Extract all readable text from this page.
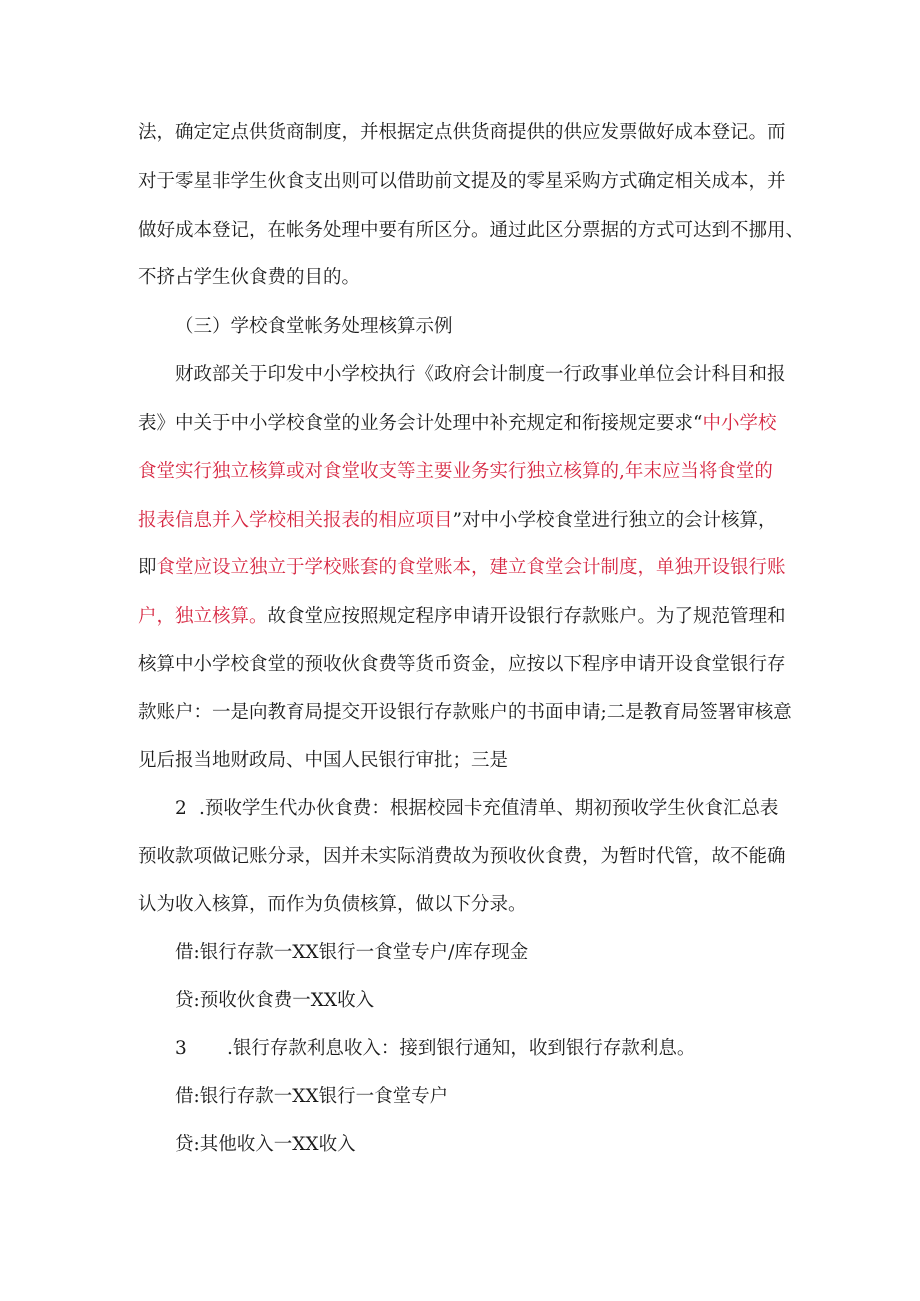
法，确定定点供货商制度，并根据定点供货商提供的供应发票做好成本登记。而
对于零星非学生伙食支出则可以借助前文提及的零星采购方式确定相关成本，并
做好成本登记，在帐务处理中要有所区分。通过此区分票据的方式可达到不挪用、
不挤占学生伙食费的目的。
（三）学校食堂帐务处理核算示例
财政部关于印发中小学校执行《政府会计制度一行政事业单位会计科目和报
表》中关于中小学校食堂的业务会计处理中补充规定和衔接规定要求“中小学校
食堂实行独立核算或对食堂收支等主要业务实行独立核算的,年末应当将食堂的
报表信息并入学校相关报表的相应项目”对中小学校食堂进行独立的会计核算，
即食堂应设立独立于学校账套的食堂账本，建立食堂会计制度，单独开设银行账
户，独立核算。故食堂应按照规定程序申请开设银行存款账户。为了规范管理和
核算中小学校食堂的预收伙食费等货币资金，应按以下程序申请开设食堂银行存
款账户：一是向教育局提交开设银行存款账户的书面申请;二是教育局签署审核意
见后报当地财政局、中国人民银行审批；三是
2 .预收学生代办伙食费：根据校园卡充值清单、期初预收学生伙食汇总表
预收款项做记账分录，因并未实际消费故为预收伙食费，为暂时代管，故不能确
认为收入核算，而作为负债核算，做以下分录。
借:银行存款一XX银行一食堂专户/库存现金
贷:预收伙食费一XX收入
3 .银行存款利息收入：接到银行通知，收到银行存款利息。
借:银行存款一XX银行一食堂专户
贷:其他收入一XX收入
